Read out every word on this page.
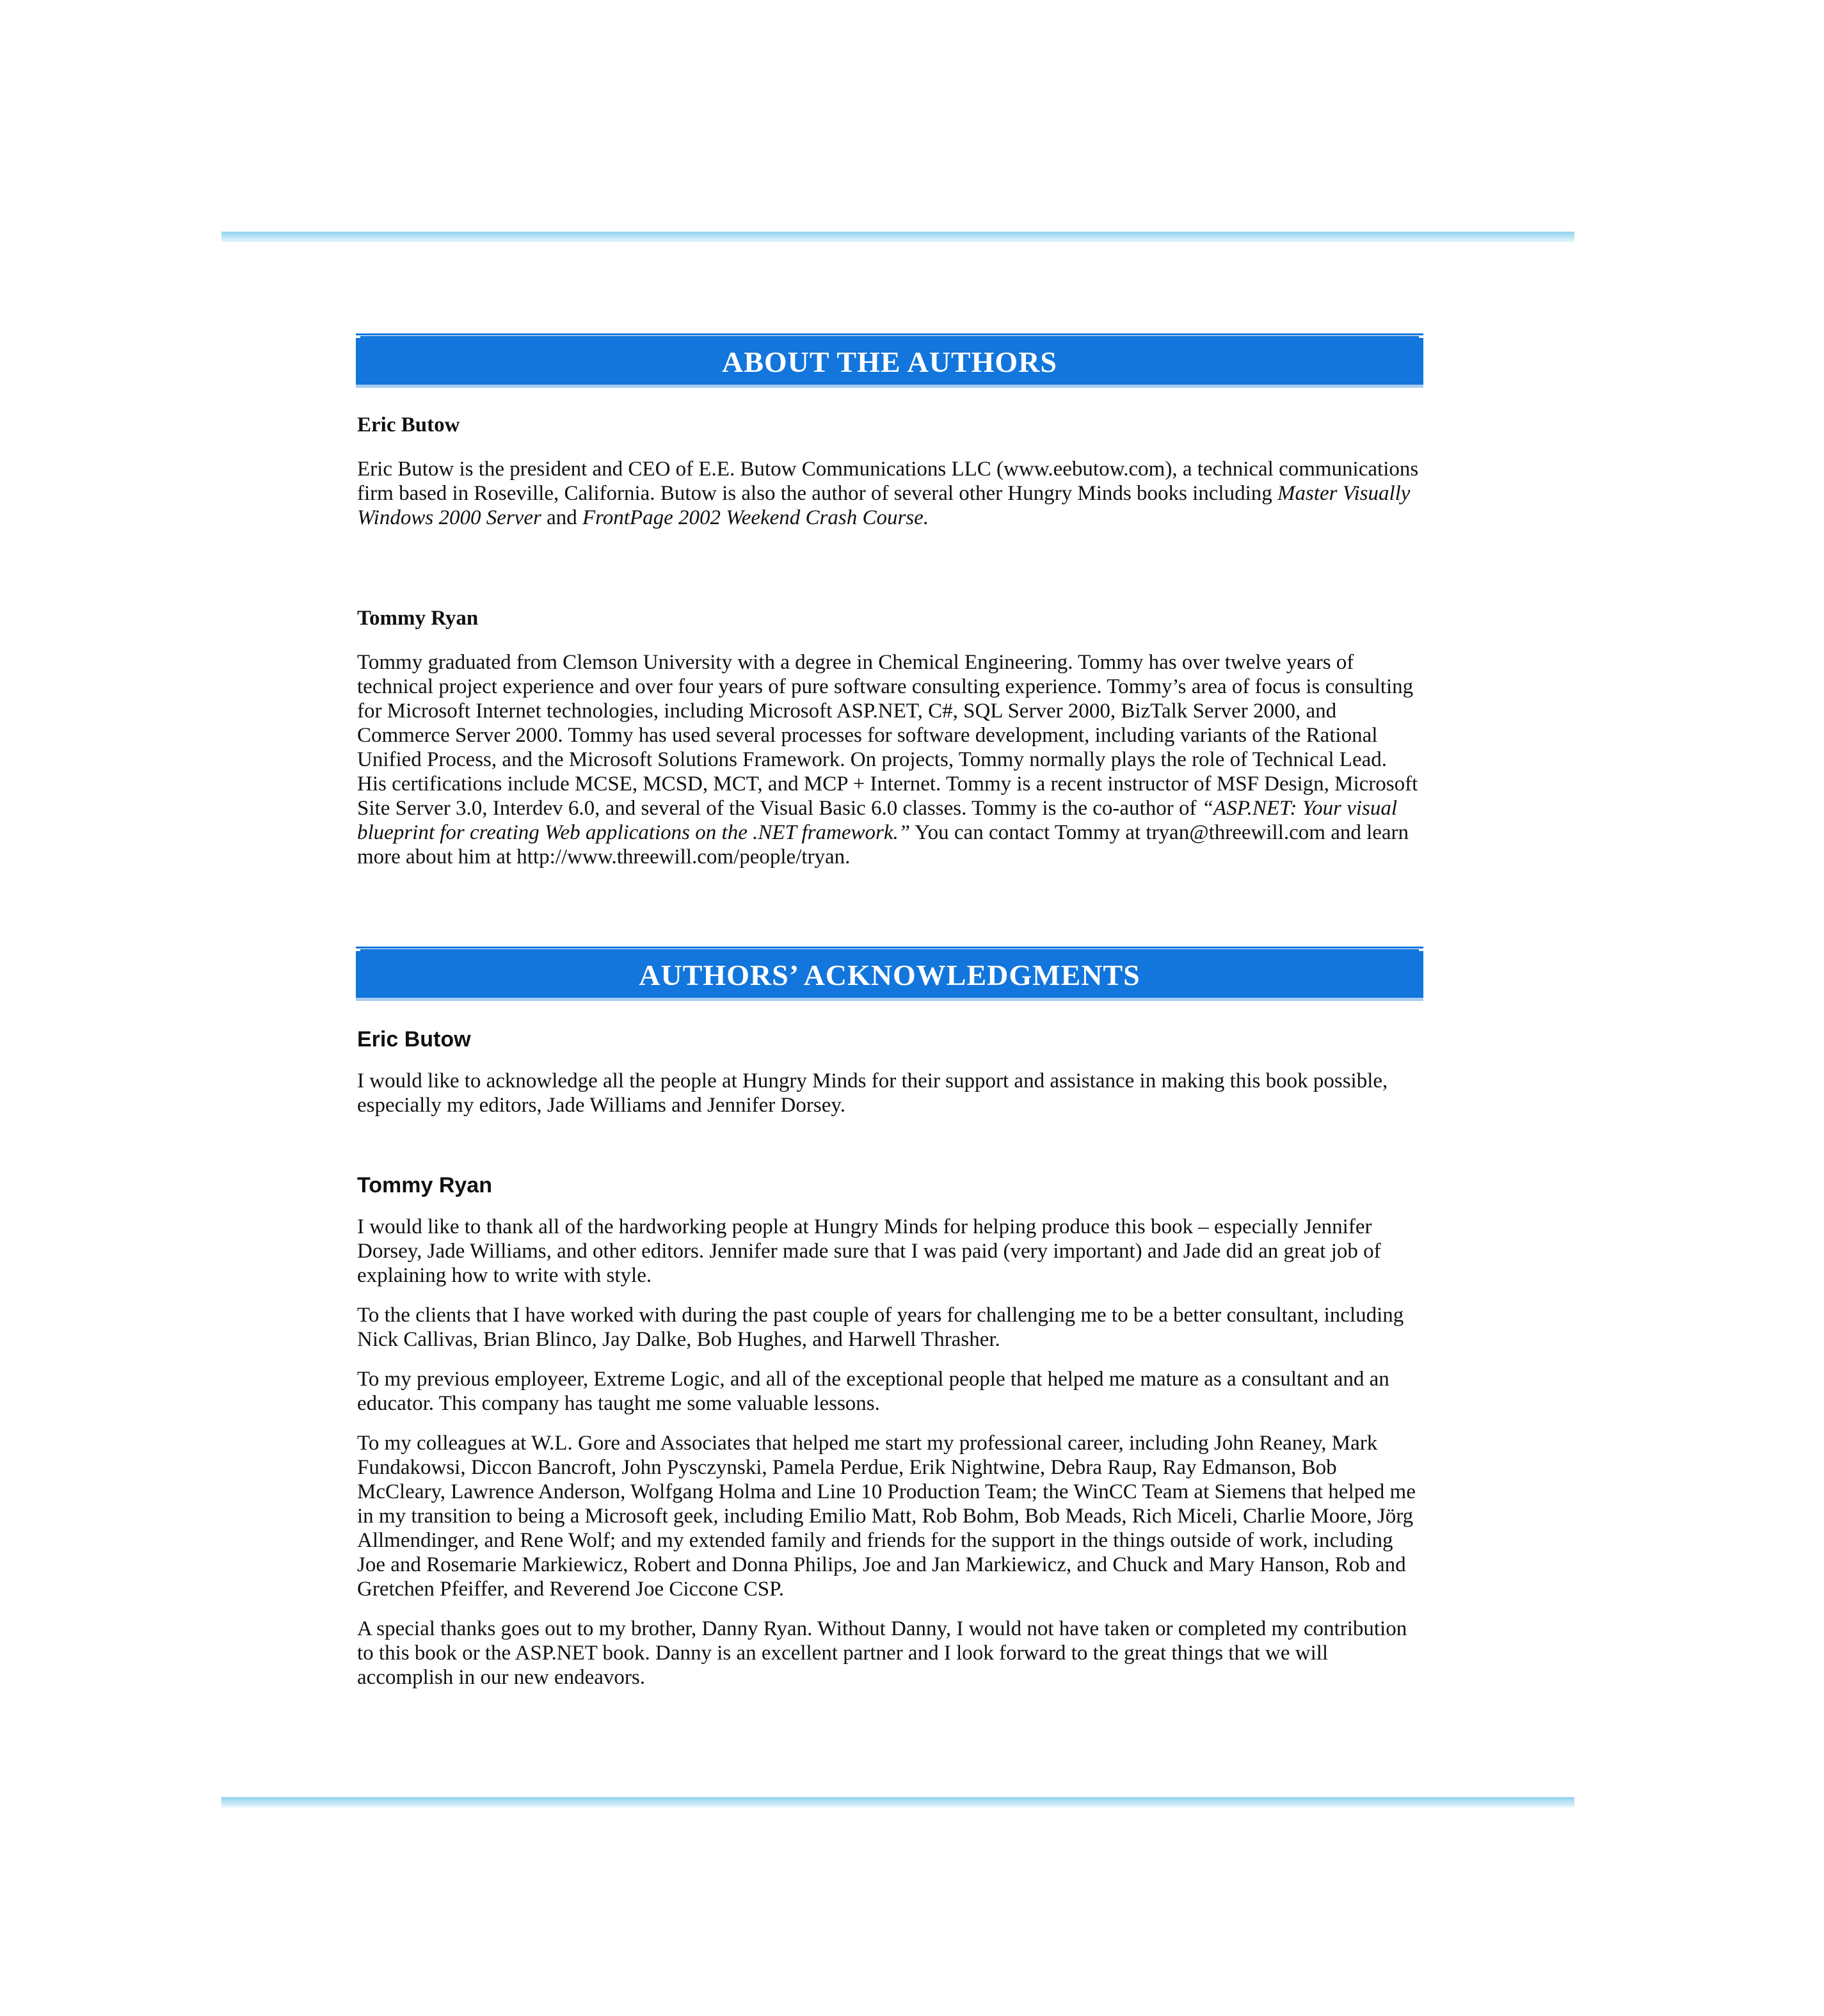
ABOUT THE AUTHORS
Eric Butow

Eric Butow is the president and CEO of E.E. Butow Communications LLC (www.eebutow.com), a technical communications firm based in Roseville, California. Butow is also the author of several other Hungry Minds books including Master Visually Windows 2000 Server and FrontPage 2002 Weekend Crash Course.

Tommy Ryan

Tommy graduated from Clemson University with a degree in Chemical Engineering. Tommy has over twelve years of technical project experience and over four years of pure software consulting experience. Tommy’s area of focus is consulting for Microsoft Internet technologies, including Microsoft ASP.NET, C#, SQL Server 2000, BizTalk Server 2000, and Commerce Server 2000. Tommy has used several processes for software development, including variants of the Rational Unified Process, and the Microsoft Solutions Framework. On projects, Tommy normally plays the role of Technical Lead. His certifications include MCSE, MCSD, MCT, and MCP + Internet. Tommy is a recent instructor of MSF Design, Microsoft Site Server 3.0, Interdev 6.0, and several of the Visual Basic 6.0 classes. Tommy is the co-author of “ASP.NET: Your visual blueprint for creating Web applications on the .NET framework.” You can contact Tommy at tryan@threewill.com and learn more about him at http://www.threewill.com/people/tryan.

AUTHORS’ ACKNOWLEDGMENTS
Eric Butow

I would like to acknowledge all the people at Hungry Minds for their support and assistance in making this book possible, especially my editors, Jade Williams and Jennifer Dorsey.

Tommy Ryan

I would like to thank all of the hardworking people at Hungry Minds for helping produce this book – especially Jennifer Dorsey, Jade Williams, and other editors. Jennifer made sure that I was paid (very important) and Jade did an great job of explaining how to write with style.

To the clients that I have worked with during the past couple of years for challenging me to be a better consultant, including Nick Callivas, Brian Blinco, Jay Dalke, Bob Hughes, and Harwell Thrasher.

To my previous employeer, Extreme Logic, and all of the exceptional people that helped me mature as a consultant and an educator. This company has taught me some valuable lessons.

To my colleagues at W.L. Gore and Associates that helped me start my professional career, including John Reaney, Mark Fundakowsi, Diccon Bancroft, John Pysczynski, Pamela Perdue, Erik Nightwine, Debra Raup, Ray Edmanson, Bob McCleary, Lawrence Anderson, Wolfgang Holma and Line 10 Production Team; the WinCC Team at Siemens that helped me in my transition to being a Microsoft geek, including Emilio Matt, Rob Bohm, Bob Meads, Rich Miceli, Charlie Moore, Jörg Allmendinger, and Rene Wolf; and my extended family and friends for the support in the things outside of work, including Joe and Rosemarie Markiewicz, Robert and Donna Philips, Joe and Jan Markiewicz, and Chuck and Mary Hanson, Rob and Gretchen Pfeiffer, and Reverend Joe Ciccone CSP.

A special thanks goes out to my brother, Danny Ryan. Without Danny, I would not have taken or completed my contribution to this book or the ASP.NET book. Danny is an excellent partner and I look forward to the great things that we will accomplish in our new endeavors.
